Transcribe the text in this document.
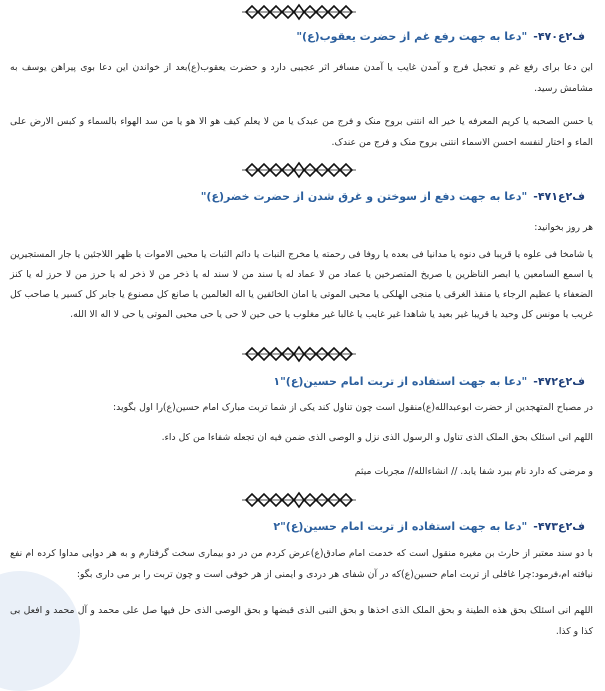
ف۲ع۴۷۰-"دعا به جهت رفع غم از حضرت یعقوب(ع)"
این دعا برای رفع غم و تعجیل فرج و آمدن غایب یا آمدن مسافر اثر عجیبی دارد و حضرت یعقوب(ع)بعد از خواندن این دعا بوی پیراهن یوسف به مشامش رسید.
یا حسن الصحبه یا کریم المعرفه یا خیر اله انتنی بروح منک و فرج من عبدک یا من لا یعلم کیف هو الا هو یا من سد الهواء بالسماء و کبس الارض علی الماء و اختار لنفسه احسن الاسماء انتنی بروح منک و فرج من عندک.
ف۲ع۴۷۱-"دعا به جهت دفع از سوختن و غرق شدن از حضرت خضر(ع)"
هر روز بخوانید:
یا شامخا فی علوه یا قریبا فی دنوه یا مدانیا فی بعده یا روفا فی رحمته یا مخرج النبات یا دائم الثبات یا محیی الاموات یا ظهر اللاجئین یا جار المستجیرین یا اسمع السامعین یا ابصر الناظرین یا صریخ المتصرخین یا عماد من لا عماد له یا سند من لا سند له یا ذخر من لا ذخر له یا حرز من لا حرز له یا کنز الضعفاء یا عظیم الرجاء یا منقذ الغرقی یا منجی الهلکی یا محیی الموتی یا امان الخائفین یا اله العالمین یا صانع کل مصنوع یا جابر کل کسیر یا صاحب کل غریب یا مونس کل وحید یا قریبا غیر بعید یا شاهدا غیر غایب یا غالبا غیر مغلوب یا حی حین لا حی یا حی محیی الموتی یا حی لا اله الا الله.
ف۲ع۴۷۲-"دعا به جهت استفاده از تربت امام حسین(ع)"۱
در مصباح المتهجدین از حضرت ابوعبدالله(ع)منقول است چون تناول کند یکی از شما تربت مبارک امام حسین(ع)را اول بگوید:
اللهم انی اسئلک بحق الملک الذی تناول و الرسول الذی نزل و الوصی الذی ضمن فیه ان تجعله شفاءا من کل داء.
و مرضی که دارد نام ببرد شفا یابد. // انشاءالله// مجربات میثم
ف۲ع۴۷۳-"دعا به جهت استفاده از تربت امام حسین(ع)"۲
با دو سند معتبر از حارث بن مغیره منقول است که خدمت امام صادق(ع)عرض کردم من در دو بیماری سخت گرفتارم و به هر دوایی مداوا کرده ام نفع نیافته ام،فرمود:چرا غافلی از تربت امام حسین(ع)که در آن شفای هر دردی و ایمنی از هر خوفی است و چون تربت را بر می داری بگو:
اللهم انی اسئلک بحق هذه الطینة و بحق الملک الذی اخذها و بحق النبی الذی قبضها و بحق الوصی الذی حل فیها صل علی محمد و آل محمد و افعل بی کذا و کذا.
